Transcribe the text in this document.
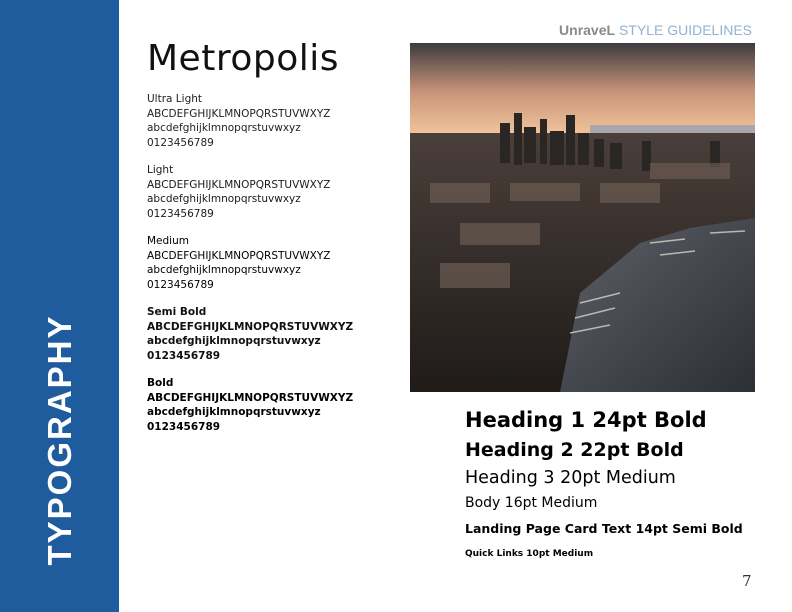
TYPOGRAPHY
UnraveL STYLE GUIDELINES
Metropolis
Ultra Light
ABCDEFGHIJKLMNOPQRSTUVWXYZ
abcdefghijklmnopqrstuvwxyz
0123456789
Light
ABCDEFGHIJKLMNOPQRSTUVWXYZ
abcdefghijklmnopqrstuvwxyz
0123456789
Medium
ABCDEFGHIJKLMNOPQRSTUVWXYZ
abcdefghijklmnopqrstuvwxyz
0123456789
Semi Bold
ABCDEFGHIJKLMNOPQRSTUVWXYZ
abcdefghijklmnopqrstuvwxyz
0123456789
Bold
ABCDEFGHIJKLMNOPQRSTUVWXYZ
abcdefghijklmnopqrstuvwxyz
0123456789	Heading 1 24pt Bold
Heading 2 22pt Bold
Heading 3 20pt Medium
Body 16pt Medium
Landing Page Card Text 14pt Semi Bold
Quick Links 10pt Medium
7
